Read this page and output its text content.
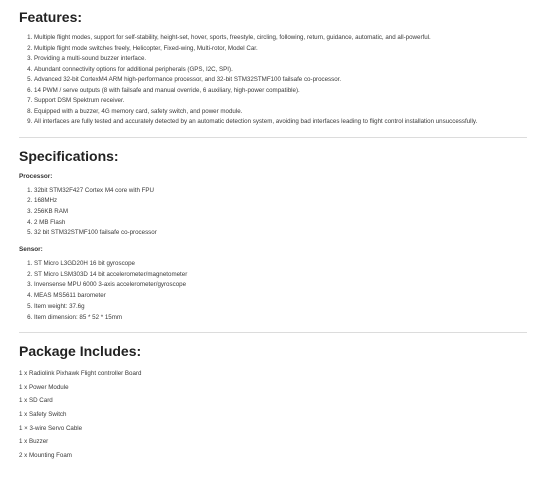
Features:
1. Multiple flight modes, support for self-stability, height-set, hover, sports, freestyle, circling, following, return, guidance, automatic, and all-powerful.
2. Multiple flight mode switches freely, Helicopter, Fixed-wing, Multi-rotor, Model Car.
3. Providing a multi-sound buzzer interface.
4. Abundant connectivity options for additional peripherals (GPS, I2C, SPI).
5. Advanced 32-bit CortexM4 ARM high-performance processor, and 32-bit STM32STMF100 failsafe co-processor.
6. 14 PWM / serve outputs (8 with failsafe and manual override, 6 auxiliary, high-power compatible).
7. Support DSM Spektrum receiver.
8. Equipped with a buzzer, 4G memory card, safety switch, and power module.
9. All interfaces are fully tested and accurately detected by an automatic detection system, avoiding bad interfaces leading to flight control installation unsuccessfully.
Specifications:
Processor:
1. 32bit STM32F427 Cortex M4 core with FPU
2. 168MHz
3. 256KB RAM
4. 2 MB Flash
5. 32 bit STM32STMF100 failsafe co-processor
Sensor:
1. ST Micro L3GD20H 16 bit gyroscope
2. ST Micro LSM303D 14 bit accelerometer/magnetometer
3. Invensense MPU 6000 3-axis accelerometer/gyroscope
4. MEAS MS5611 barometer
5. Item weight: 37.6g
6. Item dimension: 85 * 52 * 15mm
Package Includes:
1 x Radiolink Pixhawk Flight controller Board
1 x Power Module
1 x SD Card
1 x Safety Switch
1 × 3-wire Servo Cable
1 x Buzzer
2 x Mounting Foam
